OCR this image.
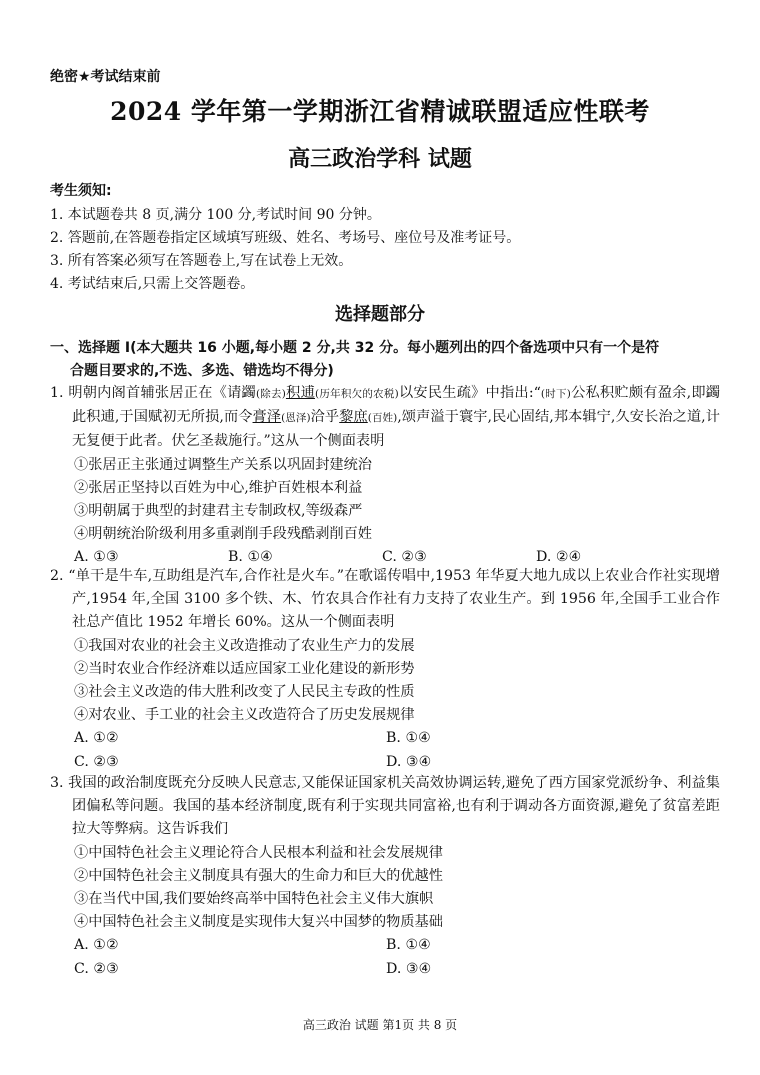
绝密★考试结束前
2024 学年第一学期浙江省精诚联盟适应性联考
高三政治学科 试题
考生须知:
1. 本试题卷共 8 页,满分 100 分,考试时间 90 分钟。
2. 答题前,在答题卷指定区域填写班级、姓名、考场号、座位号及准考证号。
3. 所有答案必须写在答题卷上,写在试卷上无效。
4. 考试结束后,只需上交答题卷。
选择题部分
一、选择题 I(本大题共 16 小题,每小题 2 分,共 32 分。每小题列出的四个备选项中只有一个是符
合题目要求的,不选、多选、错选均不得分)
1. 明朝内阁首辅张居正在《请蠲(除去)积逋(历年积欠的农税)以安民生疏》中指出:“(时下)公私积贮颇有盈余,即蠲此积逋,于国赋初无所损,而令膏泽(恩泽)洽乎黎庶(百姓),颂声溢于寰宇,民心固结,邦本辑宁,久安长治之道,计无复便于此者。伏乞圣裁施行。”这从一个侧面表明
①张居正主张通过调整生产关系以巩固封建统治
②张居正坚持以百姓为中心,维护百姓根本利益
③明朝属于典型的封建君主专制政权,等级森严
④明朝统治阶级利用多重剥削手段残酷剥削百姓
A. ①③	B. ①④	C. ②③	D. ②④
2. “单干是牛车,互助组是汽车,合作社是火车。”在歌谣传唱中,1953 年华夏大地九成以上农业合作社实现增产,1954 年,全国 3100 多个铁、木、竹农具合作社有力支持了农业生产。到 1956 年,全国手工业合作社总产值比 1952 年增长 60%。这从一个侧面表明
①我国对农业的社会主义改造推动了农业生产力的发展
②当时农业合作经济难以适应国家工业化建设的新形势
③社会主义改造的伟大胜利改变了人民民主专政的性质
④对农业、手工业的社会主义改造符合了历史发展规律
A. ①②	B. ①④
C. ②③	D. ③④
3. 我国的政治制度既充分反映人民意志,又能保证国家机关高效协调运转,避免了西方国家党派纷争、利益集团偏私等问题。我国的基本经济制度,既有利于实现共同富裕,也有利于调动各方面资源,避免了贫富差距拉大等弊病。这告诉我们
①中国特色社会主义理论符合人民根本利益和社会发展规律
②中国特色社会主义制度具有强大的生命力和巨大的优越性
③在当代中国,我们要始终高举中国特色社会主义伟大旗帜
④中国特色社会主义制度是实现伟大复兴中国梦的物质基础
A. ①②	B. ①④
C. ②③	D. ③④
高三政治 试题 第1页 共 8 页
